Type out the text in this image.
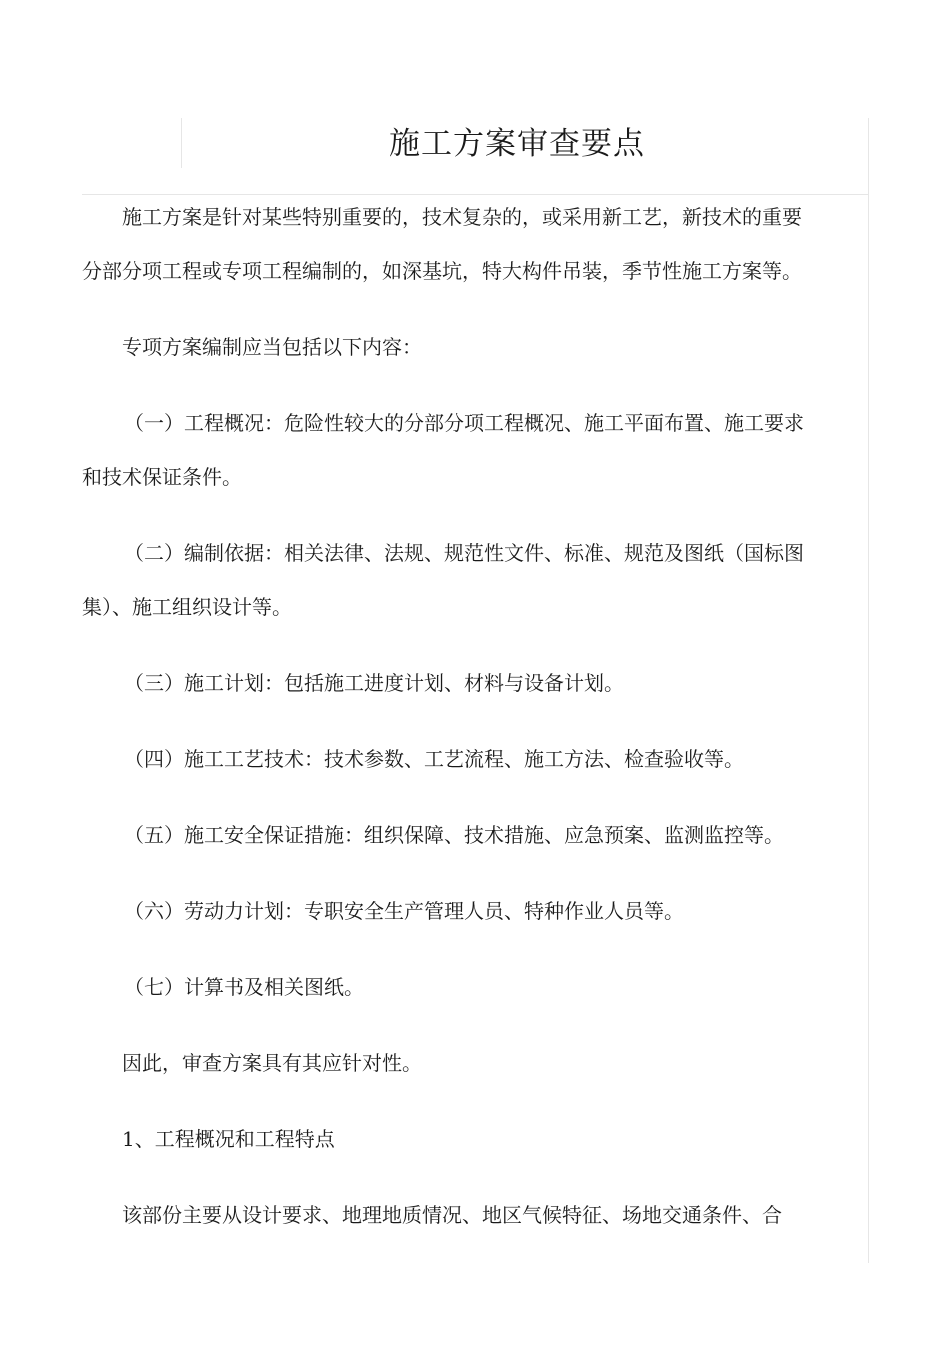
施工方案审查要点

施工方案是针对某些特别重要的，技术复杂的，或采用新工艺，新技术的重要分部分项工程或专项工程编制的，如深基坑，特大构件吊装，季节性施工方案等。

专项方案编制应当包括以下内容：

（一）工程概况：危险性较大的分部分项工程概况、施工平面布置、施工要求和技术保证条件。

（二）编制依据：相关法律、法规、规范性文件、标准、规范及图纸（国标图集）、施工组织设计等。

（三）施工计划：包括施工进度计划、材料与设备计划。

（四）施工工艺技术：技术参数、工艺流程、施工方法、检查验收等。

（五）施工安全保证措施：组织保障、技术措施、应急预案、监测监控等。

（六）劳动力计划：专职安全生产管理人员、特种作业人员等。

（七）计算书及相关图纸。

因此，审查方案具有其应针对性。

1、工程概况和工程特点

该部份主要从设计要求、地理地质情况、地区气候特征、场地交通条件、合
